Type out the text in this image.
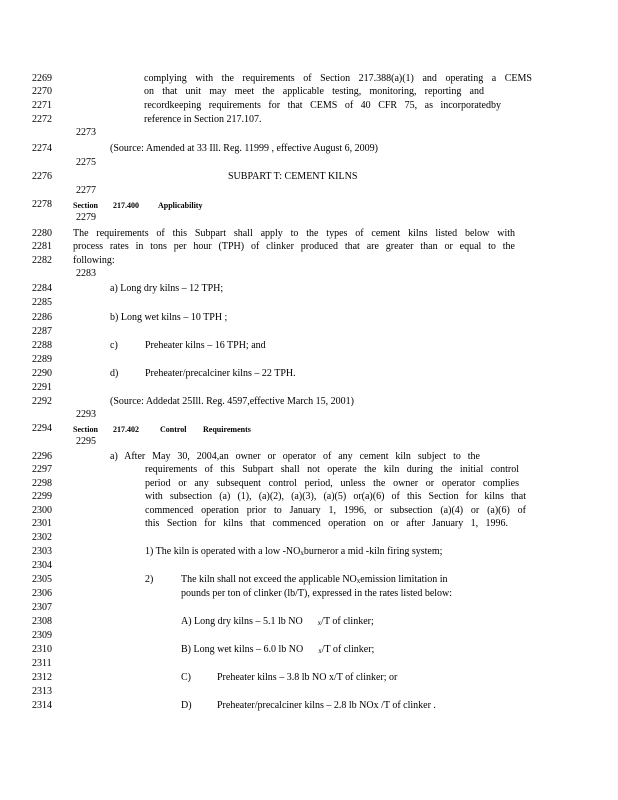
2269	complying with the requirements of Section 217.388(a)(1) and operating a CEMS
2270	on that unit may meet the applicable testing, monitoring, reporting and
2271	recordkeeping requirements for that CEMS of 40 CFR 75, as incorporatedby
2272	reference in Section 217.107.
2273
2274	(Source: Amended at 33 Ill. Reg. 11999 , effective August 6, 2009)
2275
2276	SUBPART T: CEMENT KILNS
2277
2278	Section 217.400 Applicability
2279
2280 The requirements of this Subpart shall apply to the types of cement kilns listed below with
2281 process rates in tons per hour (TPH) of clinker produced that are greater than or equal to the
2282 following:
2283
2284	a) Long dry kilns – 12 TPH;
2285
2286	b) Long wet kilns – 10 TPH ;
2287
2288	c)	Preheater kilns – 16 TPH; and
2289
2290	d)	Preheater/precalciner kilns – 22 TPH.
2291
2292	(Source: Addedat 25Ill. Reg. 4597,effective March 15, 2001)
2293
2294	Section 217.402	Control Requirements
2295
2296	a) After May 30, 2004,an owner or operator of any cement kiln subject to the
2297	requirements of this Subpart shall not operate the kiln during the initial control
2298	period or any subsequent control period, unless the owner or operator complies
2299	with subsection (a) (1), (a)(2), (a)(3), (a)(5) or(a)(6) of this Section for kilns that
2300	commenced operation prior to January 1, 1996, or subsection (a)(4) or (a)(6) of
2301	this Section for kilns that commenced operation on or after January 1, 1996.
2302
2303	1) The kiln is operated with a low $-NO_xburneror$ a mid -kiln firing system;
2304
2305	2)	The kiln shall not exceed the applicable $NO_xemission$ limitation in
2306	pounds per ton of clinker (lb/T), expressed in the rates listed below:
2307
2308	A) Long dry kilns – 5.1 lb NO $_x$/T of clinker;
2309
2310	B) Long wet kilns – 6.0 lb NO $_x$/T of clinker;
2311
2312	C)	Preheater kilns – 3.8 lb NO x/T of clinker; or
2313
2314	D)	Preheater/precalciner kilns – 2.8 lb NOx /T of clinker .
